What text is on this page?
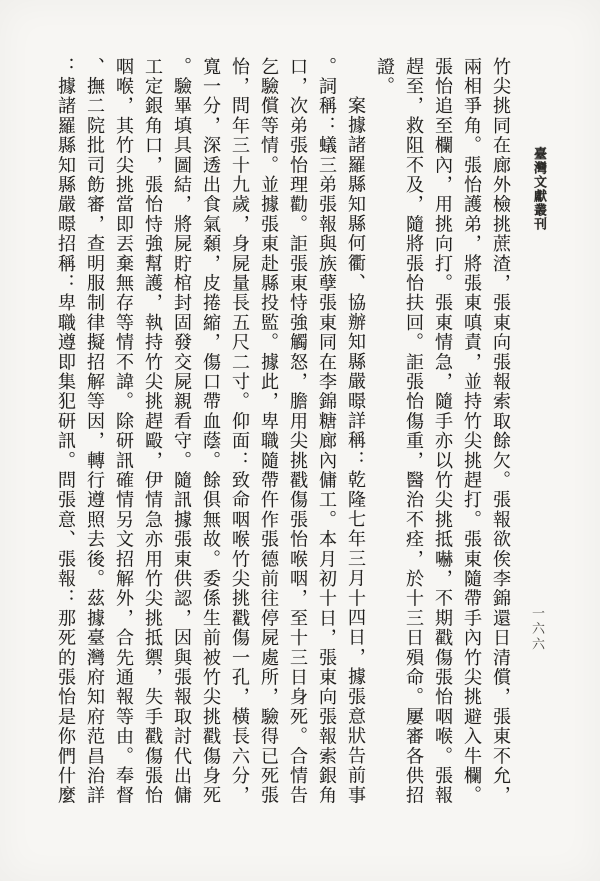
臺灣文獻叢刊
一六六
竹尖挑同在廊外檢挑蔗渣，張東向張報索取餘欠。張報欲俟李錦還日清償，張東不允，
兩相爭角。張怡護弟，將張東嗔責，並持竹尖挑趕打。張東隨帶手內竹尖挑避入牛欄。
張怡追至欄內，用挑向打。張東情急，隨手亦以竹尖挑抵嚇，不期戳傷張怡咽喉。張報
趕至，救阻不及，隨將張怡扶回。詎張怡傷重，醫治不痊，於十三日殞命。屢審各供招
證。
案據諸羅縣知縣何衢、協辦知縣嚴暻詳稱：乾隆七年三月十四日，據張意狀告前事
。詞稱：蟻三弟張報與族孽張東同在李錦糖廊內傭工。本月初十日，張東向張報索銀角
口，次弟張怡理勸。詎張東恃強觸怒，膽用尖挑戳傷張怡喉咽，至十三日身死。合情告
乞驗償等情。並據張東赴縣投監。據此，卑職隨帶仵作張德前往停屍處所，驗得已死張
怡，問年三十九歲，身屍量長五尺二寸。仰面：致命咽喉竹尖挑戳傷一孔，橫長六分，
寬一分，深透出食氣顙，皮捲縮，傷口帶血蔭。餘俱無故。委係生前被竹尖挑戳傷身死
。驗畢填具圖結，將屍貯棺封固發交屍親看守。隨訊據張東供認，因與張報取討代出傭
工定銀角口，張怡恃強幫護，執持竹尖挑趕毆，伊情急亦用竹尖挑抵禦，失手戳傷張怡
咽喉，其竹尖挑當即丟棄無存等情不諱。除研訊確情另文招解外，合先通報等由。奉督
、撫二院批司飭審，查明服制律擬招解等因，轉行遵照去後。茲據臺灣府知府范昌治詳
：據諸羅縣知縣嚴暻招稱：卑職遵即集犯研訊。問張意、張報：那死的張怡是你們什麼
